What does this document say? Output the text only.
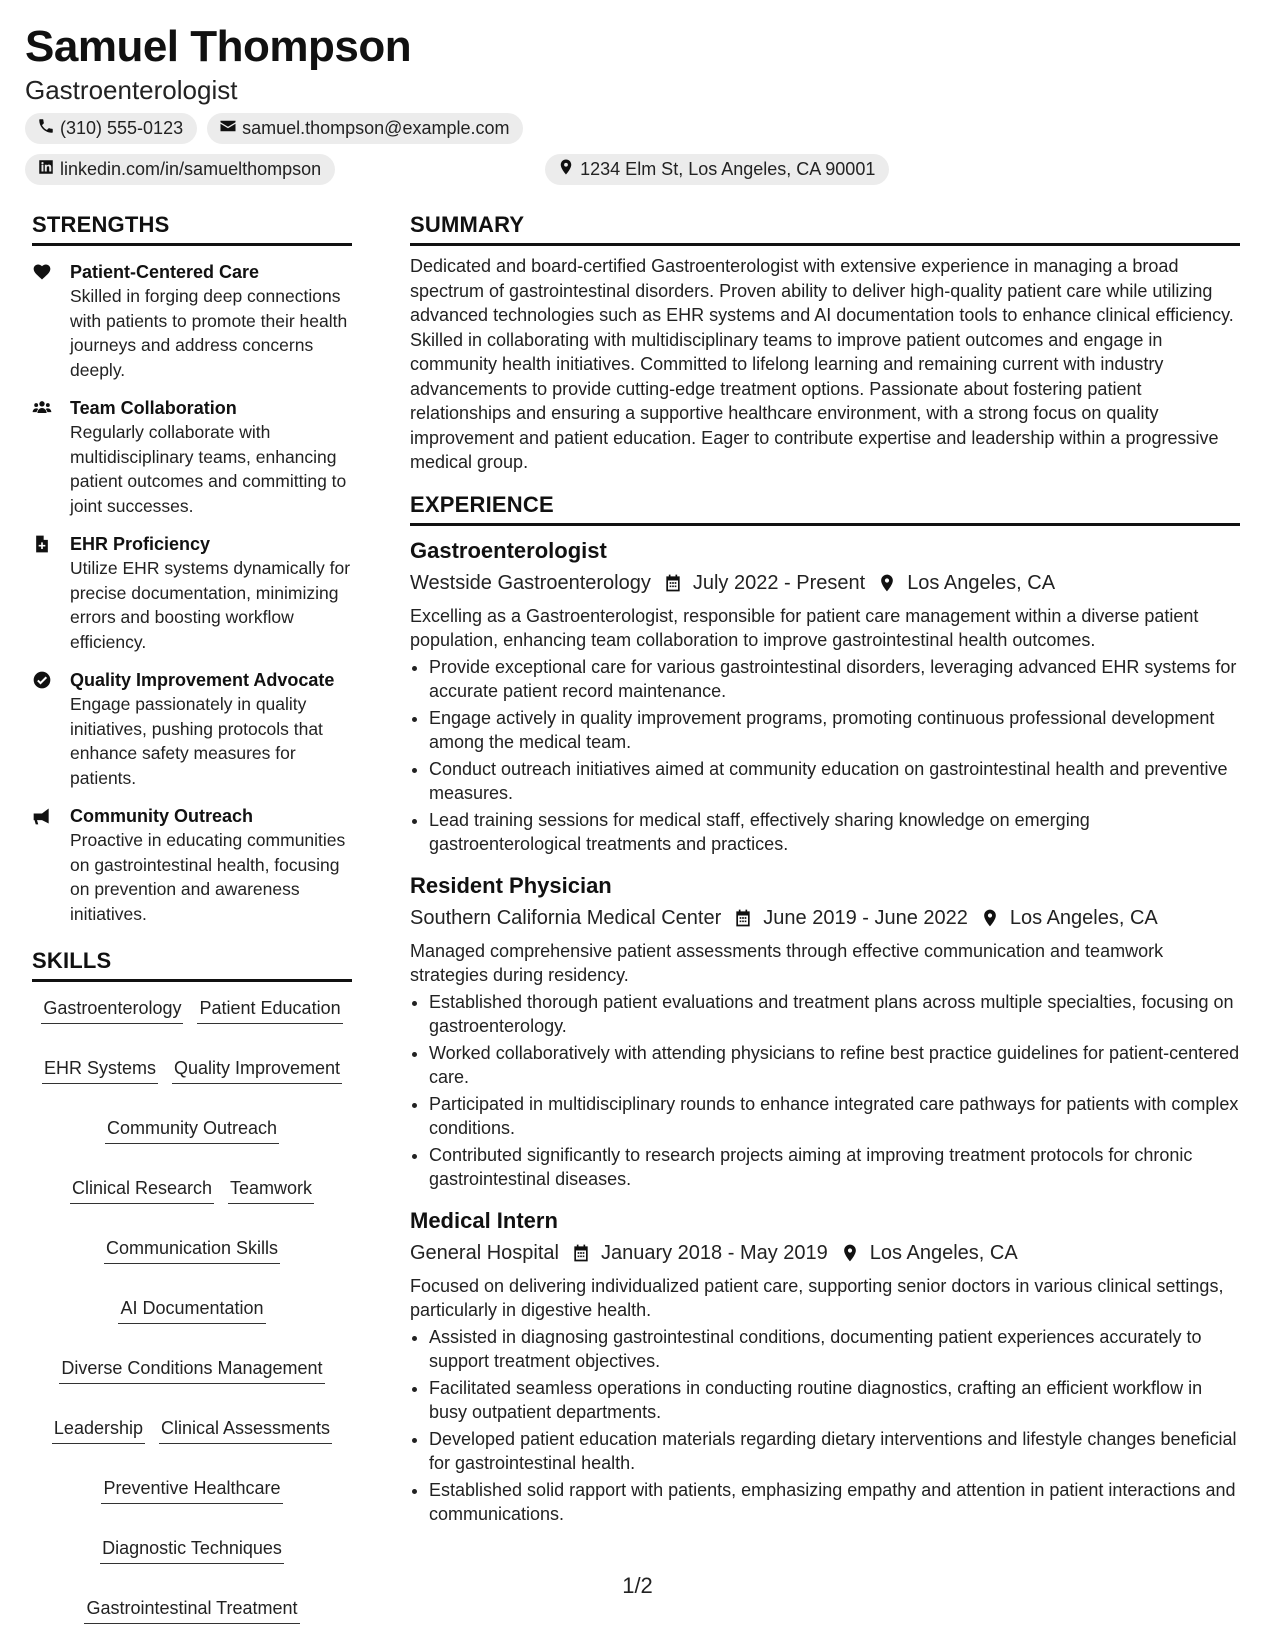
Samuel Thompson
Gastroenterologist
(310) 555-0123	samuel.thompson@example.com
linkedin.com/in/samuelthompson	1234 Elm St, Los Angeles, CA 90001
STRENGTHS
Patient-Centered Care
Skilled in forging deep connections with patients to promote their health journeys and address concerns deeply.
Team Collaboration
Regularly collaborate with multidisciplinary teams, enhancing patient outcomes and committing to joint successes.
EHR Proficiency
Utilize EHR systems dynamically for precise documentation, minimizing errors and boosting workflow efficiency.
Quality Improvement Advocate
Engage passionately in quality initiatives, pushing protocols that enhance safety measures for patients.
Community Outreach
Proactive in educating communities on gastrointestinal health, focusing on prevention and awareness initiatives.
SKILLS
Gastroenterology Patient Education
EHR Systems Quality Improvement
Community Outreach
Clinical Research Teamwork
Communication Skills
AI Documentation
Diverse Conditions Management
Leadership Clinical Assessments
Preventive Healthcare
Diagnostic Techniques
Gastrointestinal Treatment
SUMMARY

Dedicated and board-certified Gastroenterologist with extensive experience in managing a broad spectrum of gastrointestinal disorders. Proven ability to deliver high-quality patient care while utilizing advanced technologies such as EHR systems and AI documentation tools to enhance clinical efficiency. Skilled in collaborating with multidisciplinary teams to improve patient outcomes and engage in community health initiatives. Committed to lifelong learning and remaining current with industry advancements to provide cutting-edge treatment options. Passionate about fostering patient relationships and ensuring a supportive healthcare environment, with a strong focus on quality improvement and patient education. Eager to contribute expertise and leadership within a progressive medical group.

EXPERIENCE
Gastroenterologist
Westside Gastroenterology July 2022 - Present Los Angeles, CA
Excelling as a Gastroenterologist, responsible for patient care management within a diverse patient population, enhancing team collaboration to improve gastrointestinal health outcomes.
• Provide exceptional care for various gastrointestinal disorders, leveraging advanced EHR systems for accurate patient record maintenance.
• Engage actively in quality improvement programs, promoting continuous professional development among the medical team.
• Conduct outreach initiatives aimed at community education on gastrointestinal health and preventive measures.
• Lead training sessions for medical staff, effectively sharing knowledge on emerging gastroenterological treatments and practices.
Resident Physician
Southern California Medical Center June 2019 - June 2022 Los Angeles, CA
Managed comprehensive patient assessments through effective communication and teamwork strategies during residency.
• Established thorough patient evaluations and treatment plans across multiple specialties, focusing on gastroenterology.
• Worked collaboratively with attending physicians to refine best practice guidelines for patient-centered care.
• Participated in multidisciplinary rounds to enhance integrated care pathways for patients with complex conditions.
• Contributed significantly to research projects aiming at improving treatment protocols for chronic gastrointestinal diseases.
Medical Intern
General Hospital January 2018 - May 2019 Los Angeles, CA
Focused on delivering individualized patient care, supporting senior doctors in various clinical settings, particularly in digestive health.
• Assisted in diagnosing gastrointestinal conditions, documenting patient experiences accurately to support treatment objectives.
• Facilitated seamless operations in conducting routine diagnostics, crafting an efficient workflow in busy outpatient departments.
• Developed patient education materials regarding dietary interventions and lifestyle changes beneficial for gastrointestinal health.
• Established solid rapport with patients, emphasizing empathy and attention in patient interactions and communications.
1/2
